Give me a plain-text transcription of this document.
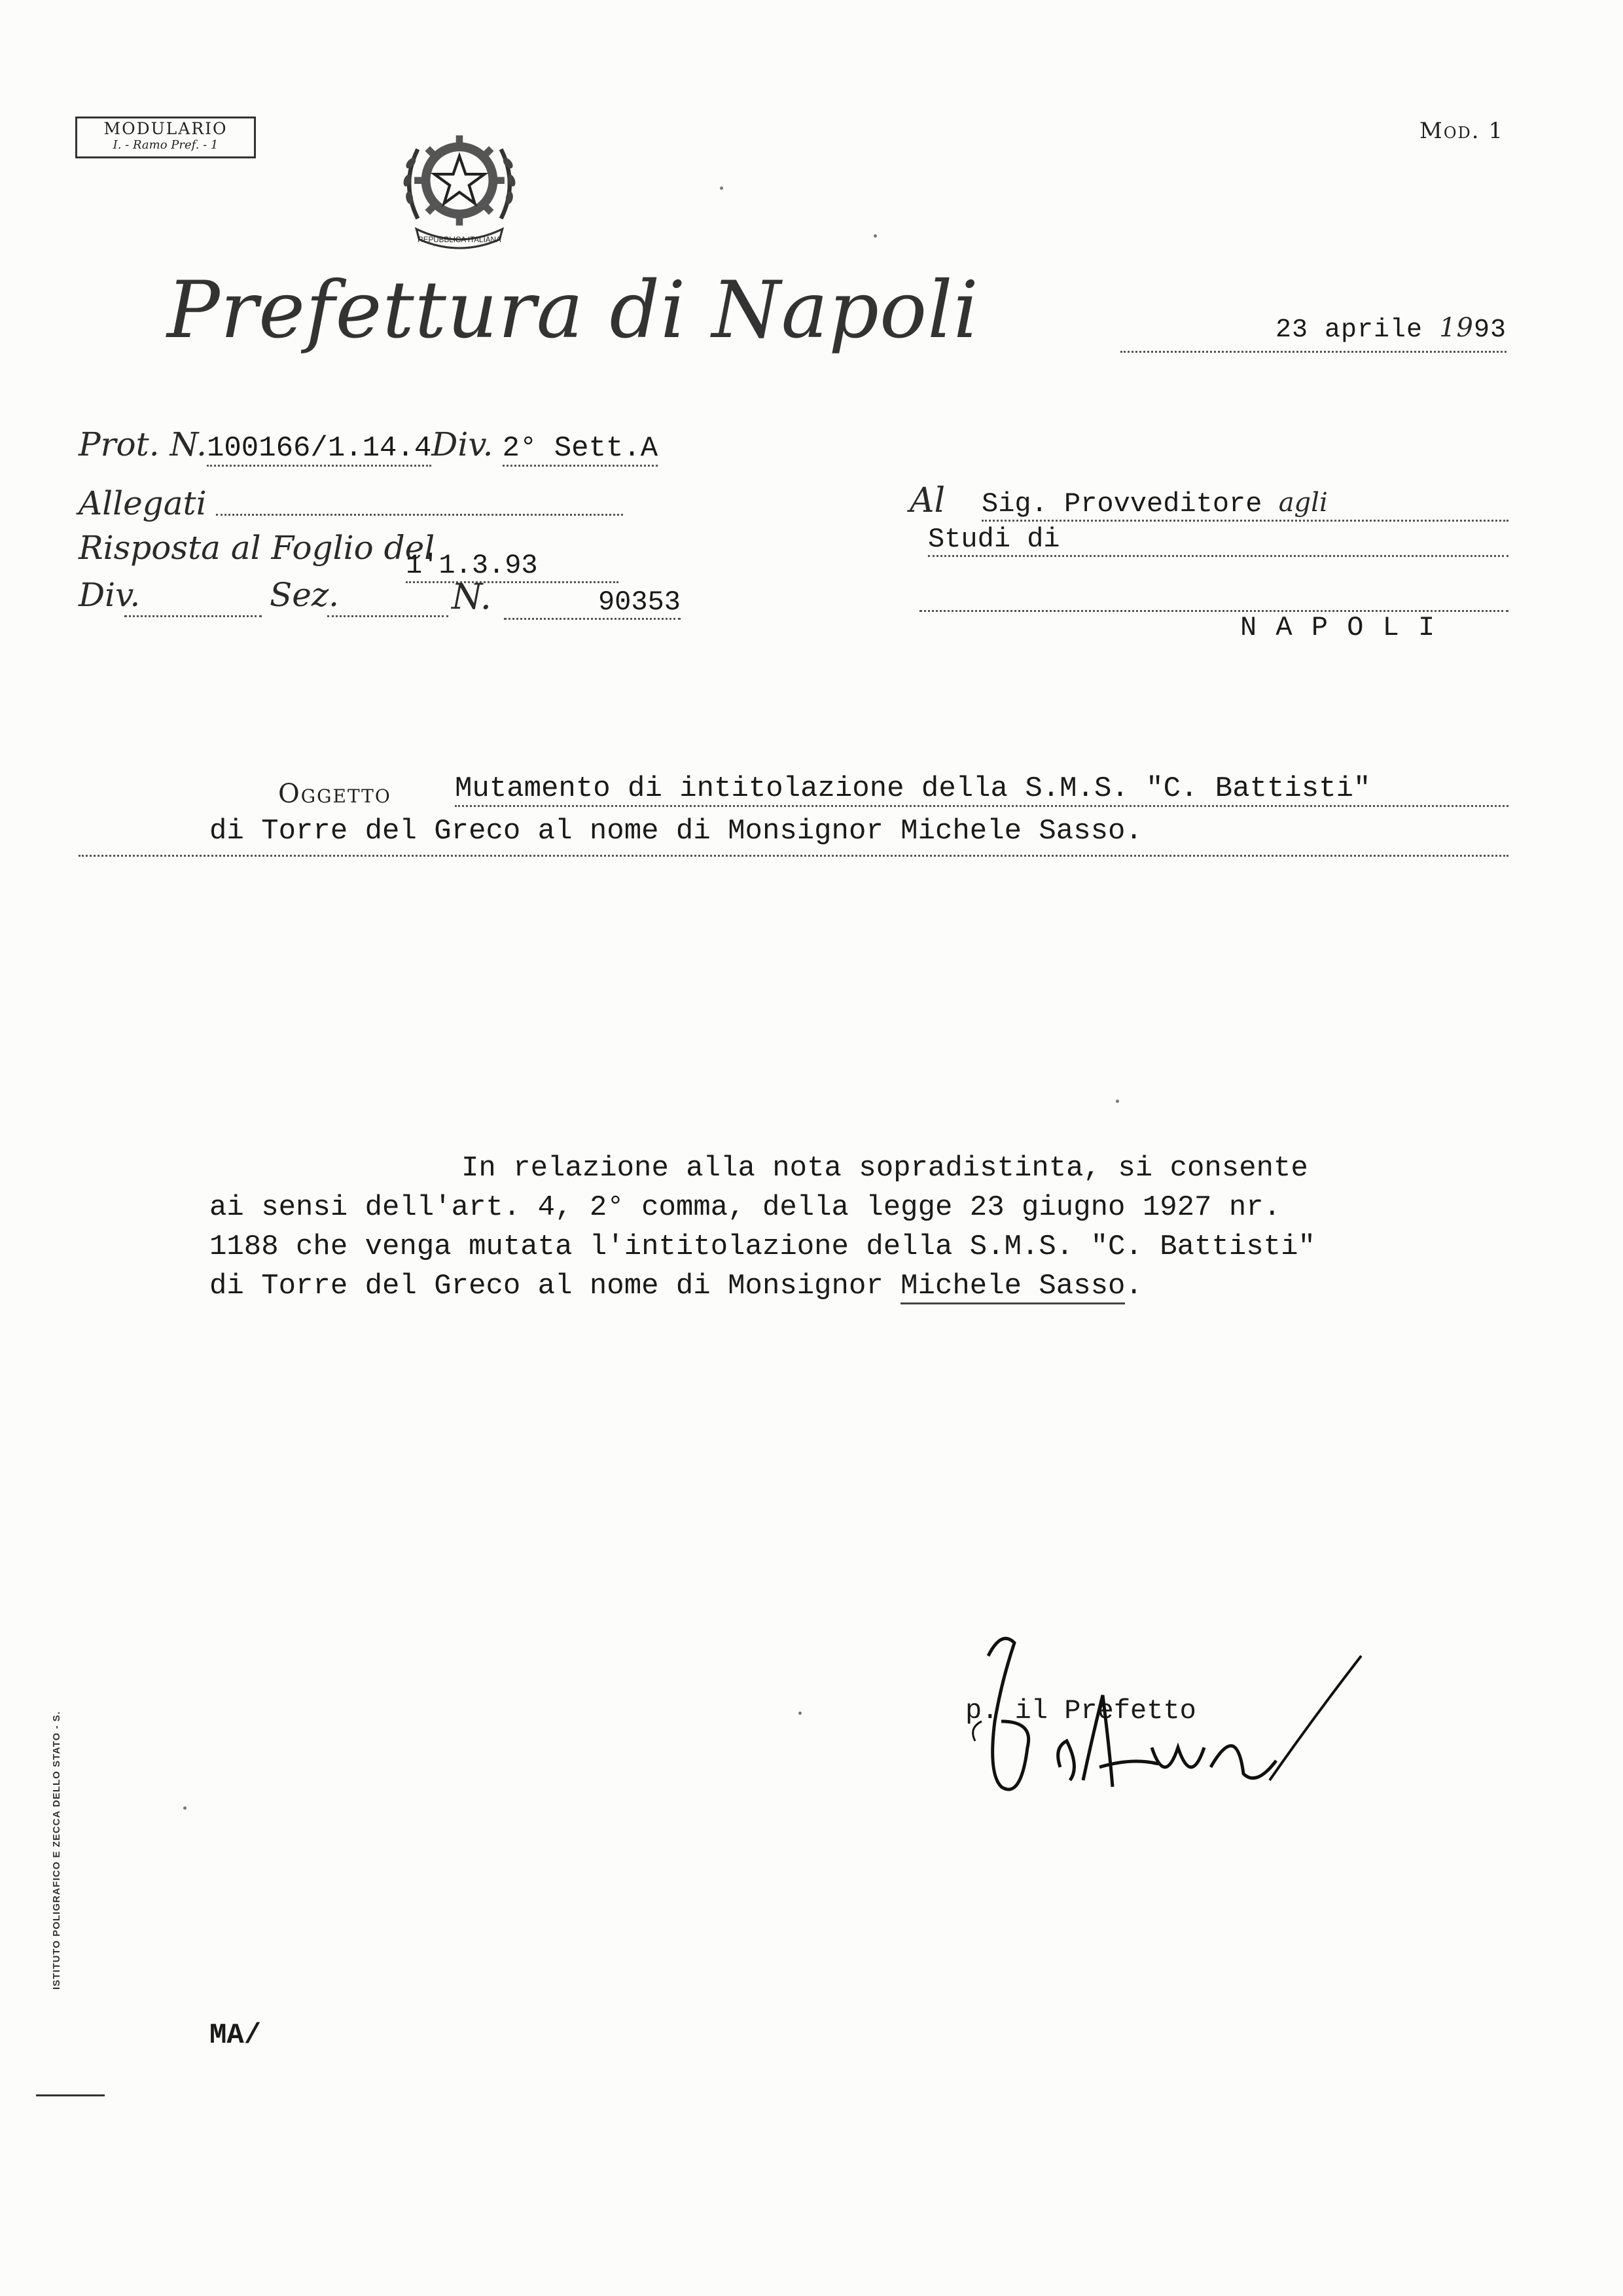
MODULARIO
I. - Ramo Pref. - 1
Mod. 1
REPUBBLICA ITALIANA
Prefettura di Napoli	23 aprile 1993
Prot. N.100166/1.14.4Div. 2° Sett.A
Allegati
Risposta al Foglio del
1'1.3.93
Div.	Sez.	N.	90353
Al Sig. Provveditore agli
Studi di
N A P O L I
Oggetto Mutamento di intitolazione della S.M.S. "C. Battisti"
di Torre del Greco al nome di Monsignor Michele Sasso.
In relazione alla nota sopradistinta, si consente
ai sensi dell'art. 4, 2° comma, della legge 23 giugno 1927 nr.
1188 che venga mutata l'intitolazione della S.M.S. "C. Battisti"
di Torre del Greco al nome di Monsignor Michele Sasso.
p. il Prefetto
MA/
ISTITUTO POLIGRAFICO E ZECCA DELLO STATO - S.
